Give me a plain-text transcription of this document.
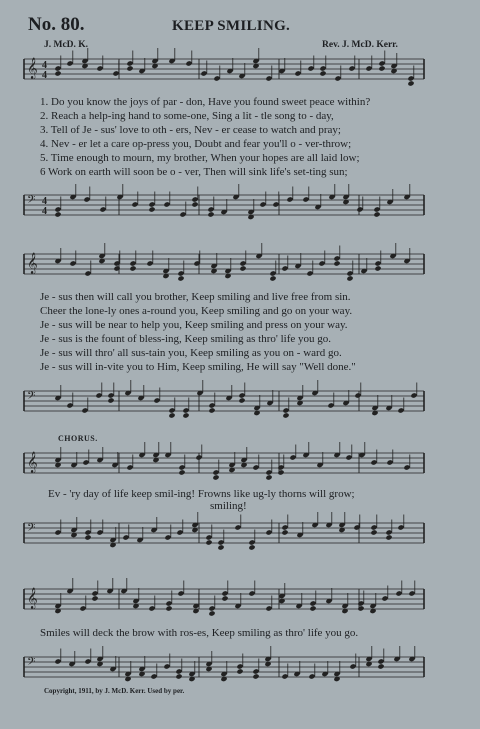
No. 80.	KEEP SMILING.
J. McD. K.	Rev. J. McD. Kerr.
𝄞 4
4
1. Do you know the joys of par - don, Have you found sweet peace within?
2. Reach a help-ing hand to some-one, Sing a lit - tle song to - day,
3. Tell of Je - sus' love to oth - ers, Nev - er cease to watch and pray;
4. Nev - er let a care op-press you, Doubt and fear you'll o - ver-throw;
5. Time enough to mourn, my brother, When your hopes are all laid low;
6 Work on earth will soon be o - ver, Then will sink life's set-ting sun;
𝄢 4
4
𝄞
Je - sus then will call you brother, Keep smiling and live free from sin.
Cheer the lone-ly ones a-round you, Keep smiling and go on your way.
Je - sus will be near to help you, Keep smiling and press on your way.
Je - sus is the fount of bless-ing, Keep smiling as thro' life you go.
Je - sus will thro' all sus-tain you, Keep smiling as you on - ward go.
Je - sus will in-vite you to Him, Keep smiling, He will say "Well done."
𝄢
CHORUS.
𝄞
Ev - 'ry day of life keep smil-ing! Frowns like ug-ly thorns will grow;
smiling!
𝄢
𝄞
Smiles will deck the brow with ros-es, Keep smiling as thro' life you go.
𝄢
Copyright, 1911, by J. McD. Kerr. Used by per.
